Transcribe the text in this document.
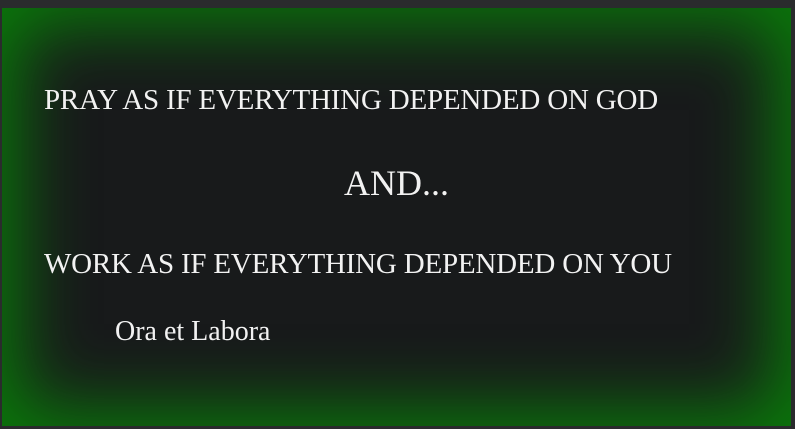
PRAY AS IF EVERYTHING DEPENDED ON GOD
AND...
WORK AS IF EVERYTHING DEPENDED ON YOU

Ora et Labora
